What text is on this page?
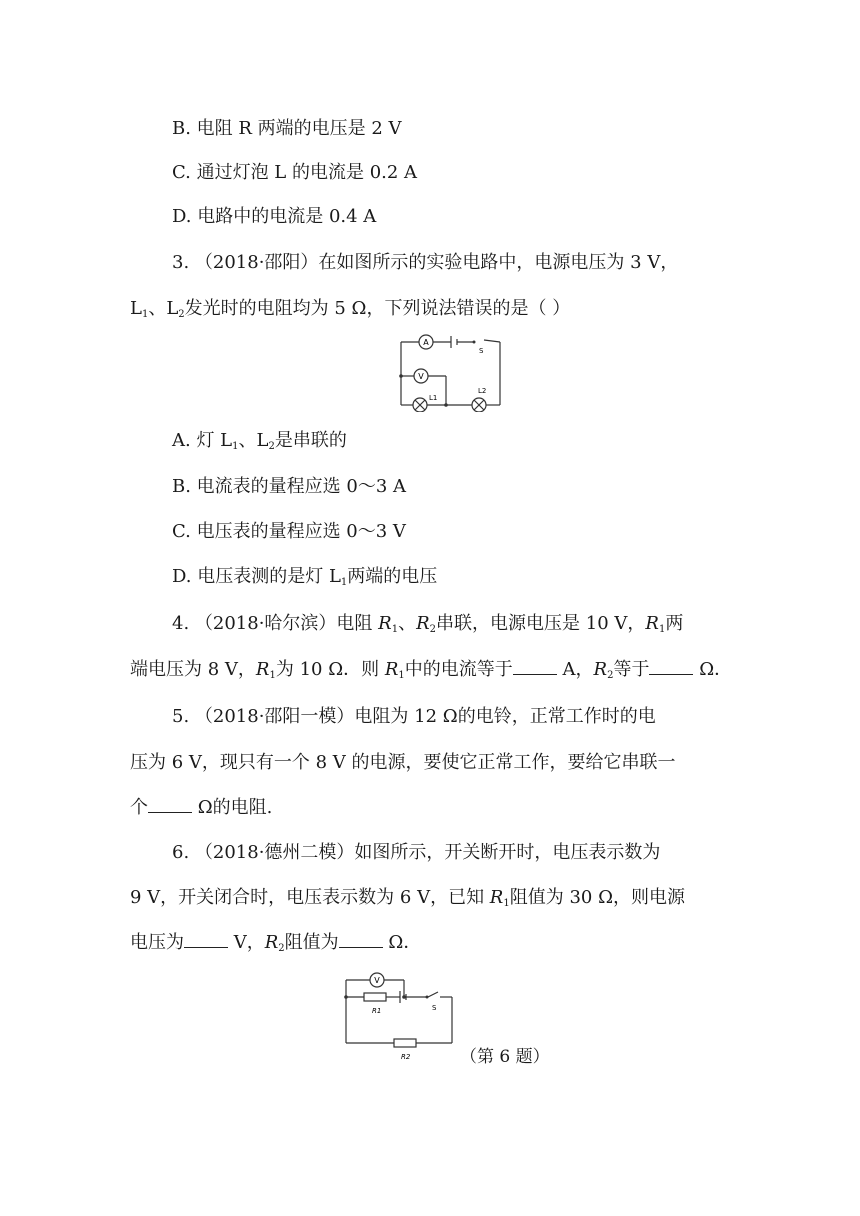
B. 电阻 R 两端的电压是 2 V
C. 通过灯泡 L 的电流是 0.2 A
D. 电路中的电流是 0.4 A
3. （2018·邵阳）在如图所示的实验电路中，电源电压为 3 V，
$L_1$、$L_2$发光时的电阻均为 5 Ω，下列说法错误的是（ ）
A
V
S
L1
L2
A. 灯 $L_1$、$L_2$是串联的
B. 电流表的量程应选 0～3 A
C. 电压表的量程应选 0～3 V
D. 电压表测的是灯 $L_1$两端的电压
4. （2018·哈尔滨）电阻 $R_1$、$R_2$串联，电源电压是 10 V，$R_1$两
端电压为 8 V，$R_1$为 10 Ω．则 $R_1$中的电流等于	A，$R_2$等于	Ω．
5. （2018·邵阳一模）电阻为 12 Ω的电铃，正常工作时的电
压为 6 V，现只有一个 8 V 的电源，要使它正常工作，要给它串联一
个	Ω的电阻.
6. （2018·德州二模）如图所示，开关断开时，电压表示数为
9 V，开关闭合时，电压表示数为 6 V，已知 $R_1$阻值为 30 Ω，则电源
电压为	V，$R_2$阻值为	Ω．
V
R1	S
R2	（第 6 题）
